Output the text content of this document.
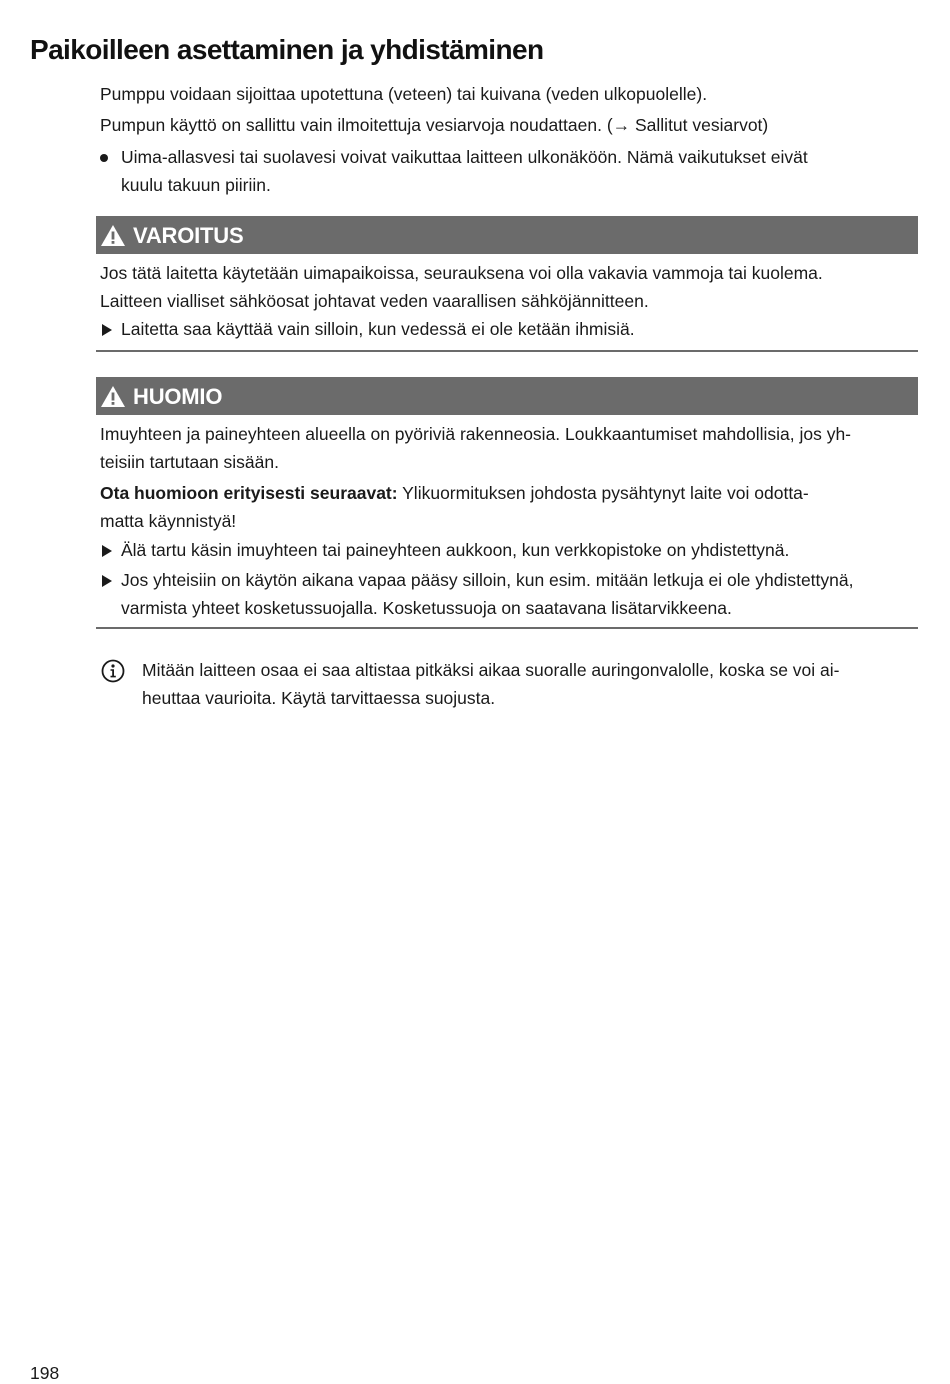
Paikoilleen asettaminen ja yhdistäminen
Pumppu voidaan sijoittaa upotettuna (veteen) tai kuivana (veden ulkopuolelle).
Pumpun käyttö on sallittu vain ilmoitettuja vesiarvoja noudattaen. (→ Sallitut vesiarvot)
Uima-allasvesi tai suolavesi voivat vaikuttaa laitteen ulkonäköön. Nämä vaikutukset eivät
kuulu takuun piiriin.
VAROITUS
Jos tätä laitetta käytetään uimapaikoissa, seurauksena voi olla vakavia vammoja tai kuolema.
Laitteen vialliset sähköosat johtavat veden vaarallisen sähköjännitteen.
Laitetta saa käyttää vain silloin, kun vedessä ei ole ketään ihmisiä.
HUOMIO
Imuyhteen ja paineyhteen alueella on pyöriviä rakenneosia. Loukkaantumiset mahdollisia, jos yh-
teisiin tartutaan sisään.
Ota huomioon erityisesti seuraavat: Ylikuormituksen johdosta pysähtynyt laite voi odotta-
matta käynnistyä!
Älä tartu käsin imuyhteen tai paineyhteen aukkoon, kun verkkopistoke on yhdistettynä.
Jos yhteisiin on käytön aikana vapaa pääsy silloin, kun esim. mitään letkuja ei ole yhdistettynä,
varmista yhteet kosketussuojalla. Kosketussuoja on saatavana lisätarvikkeena.
Mitään laitteen osaa ei saa altistaa pitkäksi aikaa suoralle auringonvalolle, koska se voi ai-
heuttaa vaurioita. Käytä tarvittaessa suojusta.
198
